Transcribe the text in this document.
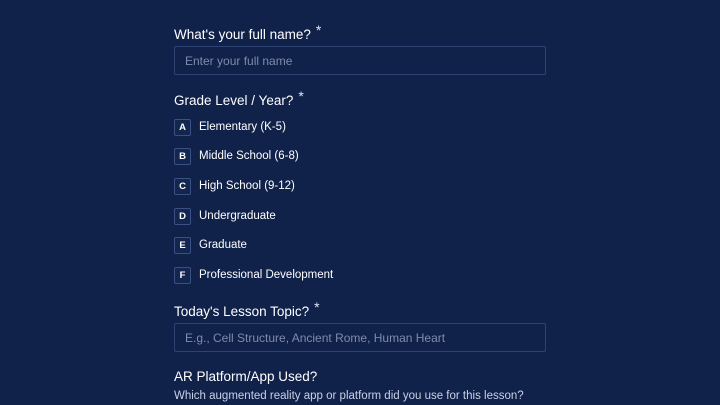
What's your full name? *
Enter your full name
Grade Level / Year? *
A	Elementary (K-5)
B	Middle School (6-8)
C	High School (9-12)
D	Undergraduate
E	Graduate
F	Professional Development
Today's Lesson Topic? *
E.g., Cell Structure, Ancient Rome, Human Heart
AR Platform/App Used?
Which augmented reality app or platform did you use for this lesson?
